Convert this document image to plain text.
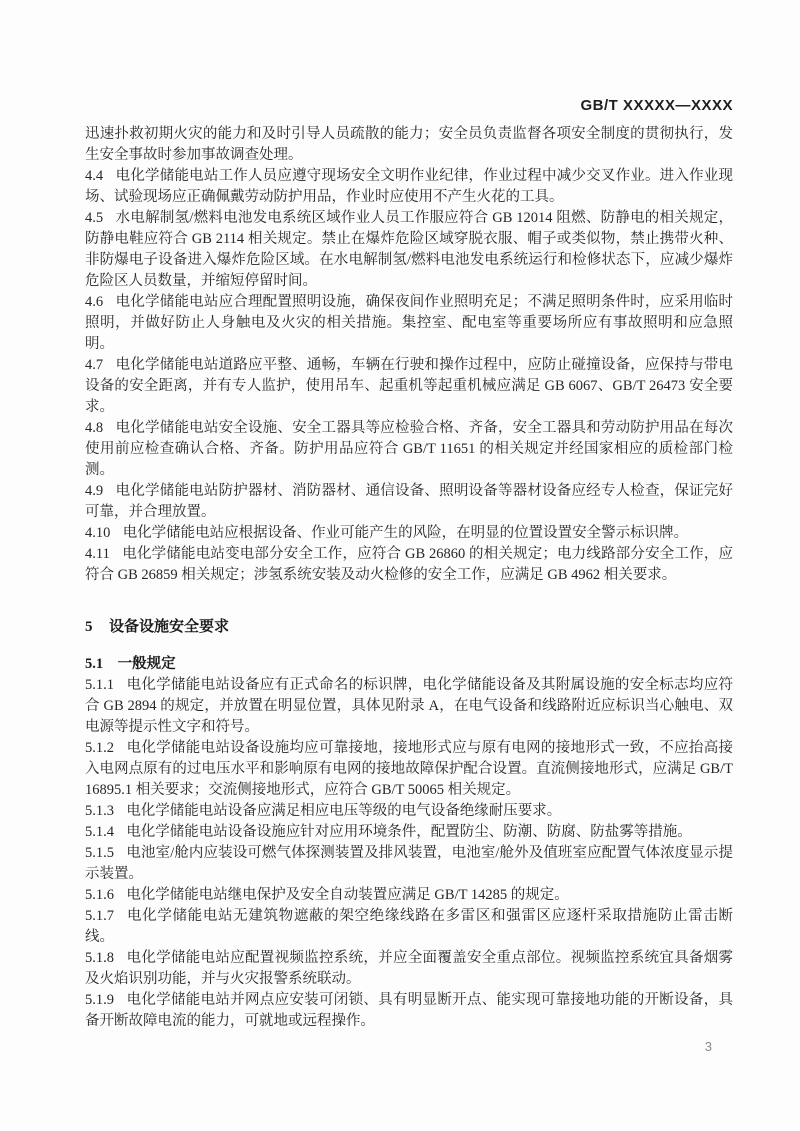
GB/T XXXXX—XXXX

迅速扑救初期火灾的能力和及时引导人员疏散的能力；安全员负责监督各项安全制度的贯彻执行，发生安全事故时参加事故调查处理。

4.4 电化学储能电站工作人员应遵守现场安全文明作业纪律，作业过程中减少交叉作业。进入作业现场、试验现场应正确佩戴劳动防护用品，作业时应使用不产生火花的工具。

4.5 水电解制氢/燃料电池发电系统区域作业人员工作服应符合 GB 12014 阻燃、防静电的相关规定，防静电鞋应符合 GB 2114 相关规定。禁止在爆炸危险区域穿脱衣服、帽子或类似物，禁止携带火种、非防爆电子设备进入爆炸危险区域。在水电解制氢/燃料电池发电系统运行和检修状态下，应减少爆炸危险区人员数量，并缩短停留时间。

4.6 电化学储能电站应合理配置照明设施，确保夜间作业照明充足；不满足照明条件时，应采用临时照明，并做好防止人身触电及火灾的相关措施。集控室、配电室等重要场所应有事故照明和应急照明。

4.7 电化学储能电站道路应平整、通畅，车辆在行驶和操作过程中，应防止碰撞设备，应保持与带电设备的安全距离，并有专人监护，使用吊车、起重机等起重机械应满足 GB 6067、GB/T 26473 安全要求。

4.8 电化学储能电站安全设施、安全工器具等应检验合格、齐备，安全工器具和劳动防护用品在每次使用前应检查确认合格、齐备。防护用品应符合 GB/T 11651 的相关规定并经国家相应的质检部门检测。

4.9 电化学储能电站防护器材、消防器材、通信设备、照明设备等器材设备应经专人检查，保证完好可靠，并合理放置。

4.10 电化学储能电站应根据设备、作业可能产生的风险，在明显的位置设置安全警示标识牌。

4.11 电化学储能电站变电部分安全工作，应符合 GB 26860 的相关规定；电力线路部分安全工作，应符合 GB 26859 相关规定；涉氢系统安装及动火检修的安全工作，应满足 GB 4962 相关要求。

5 设备设施安全要求

5.1 一般规定

5.1.1 电化学储能电站设备应有正式命名的标识牌，电化学储能设备及其附属设施的安全标志均应符合 GB 2894 的规定，并放置在明显位置，具体见附录 A，在电气设备和线路附近应标识当心触电、双电源等提示性文字和符号。

5.1.2 电化学储能电站设备设施均应可靠接地，接地形式应与原有电网的接地形式一致，不应抬高接入电网点原有的过电压水平和影响原有电网的接地故障保护配合设置。直流侧接地形式，应满足 GB/T 16895.1 相关要求；交流侧接地形式，应符合 GB/T 50065 相关规定。

5.1.3 电化学储能电站设备应满足相应电压等级的电气设备绝缘耐压要求。

5.1.4 电化学储能电站设备设施应针对应用环境条件，配置防尘、防潮、防腐、防盐雾等措施。

5.1.5 电池室/舱内应装设可燃气体探测装置及排风装置，电池室/舱外及值班室应配置气体浓度显示提示装置。

5.1.6 电化学储能电站继电保护及安全自动装置应满足 GB/T 14285 的规定。

5.1.7 电化学储能电站无建筑物遮蔽的架空绝缘线路在多雷区和强雷区应逐杆采取措施防止雷击断线。

5.1.8 电化学储能电站应配置视频监控系统，并应全面覆盖安全重点部位。视频监控系统宜具备烟雾及火焰识别功能，并与火灾报警系统联动。

5.1.9 电化学储能电站并网点应安装可闭锁、具有明显断开点、能实现可靠接地功能的开断设备，具备开断故障电流的能力，可就地或远程操作。

3
